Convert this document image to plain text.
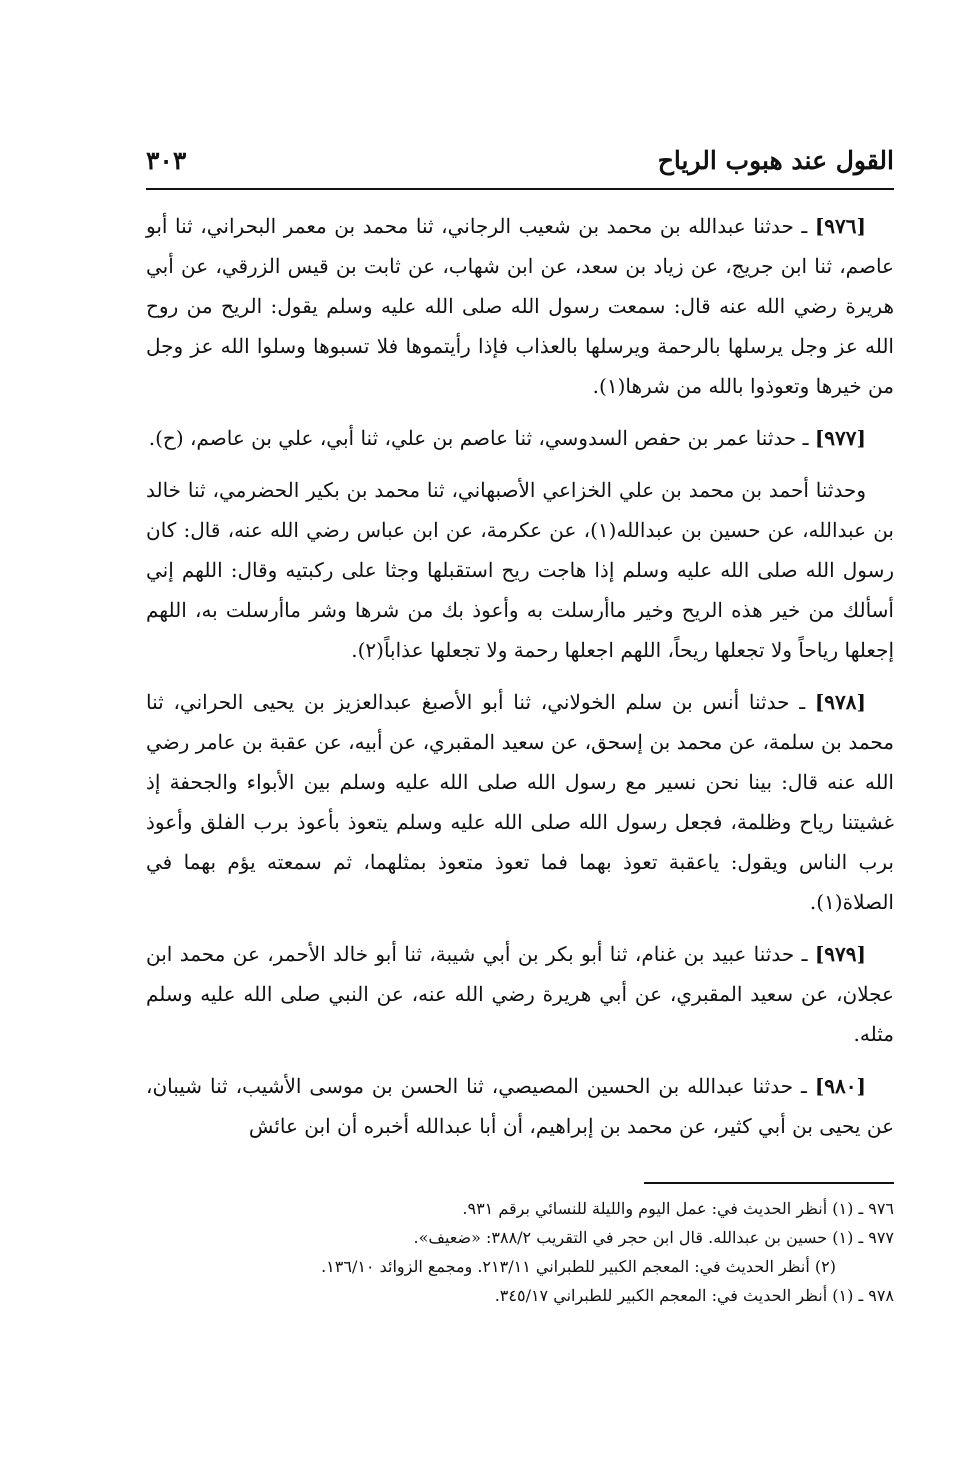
القول عند هبوب الرياح
٣٠٣

[٩٧٦] ـ حدثنا عبدالله بن محمد بن شعيب الرجاني، ثنا محمد بن معمر البحراني، ثنا أبو عاصم، ثنا ابن جريج، عن زياد بن سعد، عن ابن شهاب، عن ثابت بن قيس الزرقي، عن أبي هريرة رضي الله عنه قال: سمعت رسول الله صلى الله عليه وسلم يقول: الريح من روح الله عز وجل يرسلها بالرحمة ويرسلها بالعذاب فإذا رأيتموها فلا تسبوها وسلوا الله عز وجل من خيرها وتعوذوا بالله من شرها(١).

[٩٧٧] ـ حدثنا عمر بن حفص السدوسي، ثنا عاصم بن علي، ثنا أبي، علي بن عاصم، (ح).

وحدثنا أحمد بن محمد بن علي الخزاعي الأصبهاني، ثنا محمد بن بكير الحضرمي، ثنا خالد بن عبدالله، عن حسين بن عبدالله(١)، عن عكرمة، عن ابن عباس رضي الله عنه، قال: كان رسول الله صلى الله عليه وسلم إذا هاجت ريح استقبلها وجثا على ركبتيه وقال: اللهم إني أسألك من خير هذه الريح وخير ماأرسلت به وأعوذ بك من شرها وشر ماأرسلت به، اللهم إجعلها رياحاً ولا تجعلها ريحاً، اللهم اجعلها رحمة ولا تجعلها عذاباً(٢).

[٩٧٨] ـ حدثنا أنس بن سلم الخولاني، ثنا أبو الأصبغ عبدالعزيز بن يحيى الحراني، ثنا محمد بن سلمة، عن محمد بن إسحق، عن سعيد المقبري، عن أبيه، عن عقبة بن عامر رضي الله عنه قال: بينا نحن نسير مع رسول الله صلى الله عليه وسلم بين الأبواء والجحفة إذ غشيتنا رياح وظلمة، فجعل رسول الله صلى الله عليه وسلم يتعوذ بأعوذ برب الفلق وأعوذ برب الناس ويقول: ياعقبة تعوذ بهما فما تعوذ متعوذ بمثلهما، ثم سمعته يؤم بهما في الصلاة(١).

[٩٧٩] ـ حدثنا عبيد بن غنام، ثنا أبو بكر بن أبي شيبة، ثنا أبو خالد الأحمر، عن محمد ابن عجلان، عن سعيد المقبري، عن أبي هريرة رضي الله عنه، عن النبي صلى الله عليه وسلم مثله.

[٩٨٠] ـ حدثنا عبدالله بن الحسين المصيصي، ثنا الحسن بن موسى الأشيب، ثنا شيبان، عن يحيى بن أبي كثير، عن محمد بن إبراهيم، أن أبا عبدالله أخبره أن ابن عائش

٩٧٦ ـ (١) أنظر الحديث في: عمل اليوم والليلة للنسائي برقم ٩٣١.

٩٧٧ ـ (١) حسين بن عبدالله. قال ابن حجر في التقريب ٣٨٨/٢: «ضعيف».

(٢) أنظر الحديث في: المعجم الكبير للطبراني ٢١٣/١١. ومجمع الزوائد ١٣٦/١٠.

٩٧٨ ـ (١) أنظر الحديث في: المعجم الكبير للطبراني ٣٤٥/١٧.
